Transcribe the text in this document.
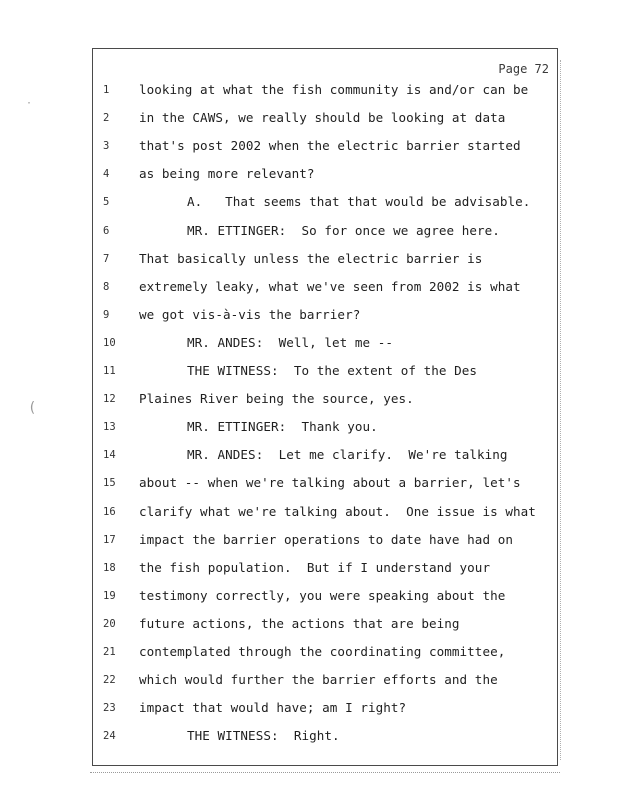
Page 72
1	looking at what the fish community is and/or can be
2	in the CAWS, we really should be looking at data
3	that's post 2002 when the electric barrier started
4	as being more relevant?
5	A.   That seems that that would be advisable.
6	MR. ETTINGER:  So for once we agree here.
7	That basically unless the electric barrier is
8	extremely leaky, what we've seen from 2002 is what
9	we got vis-à-vis the barrier?
10	MR. ANDES:  Well, let me --
11	THE WITNESS:  To the extent of the Des
12	Plaines River being the source, yes.
13	MR. ETTINGER:  Thank you.
14	MR. ANDES:  Let me clarify.  We're talking
15	about -- when we're talking about a barrier, let's
16	clarify what we're talking about.  One issue is what
17	impact the barrier operations to date have had on
18	the fish population.  But if I understand your
19	testimony correctly, you were speaking about the
20	future actions, the actions that are being
21	contemplated through the coordinating committee,
22	which would further the barrier efforts and the
23	impact that would have; am I right?
24	THE WITNESS:  Right.
·
(
